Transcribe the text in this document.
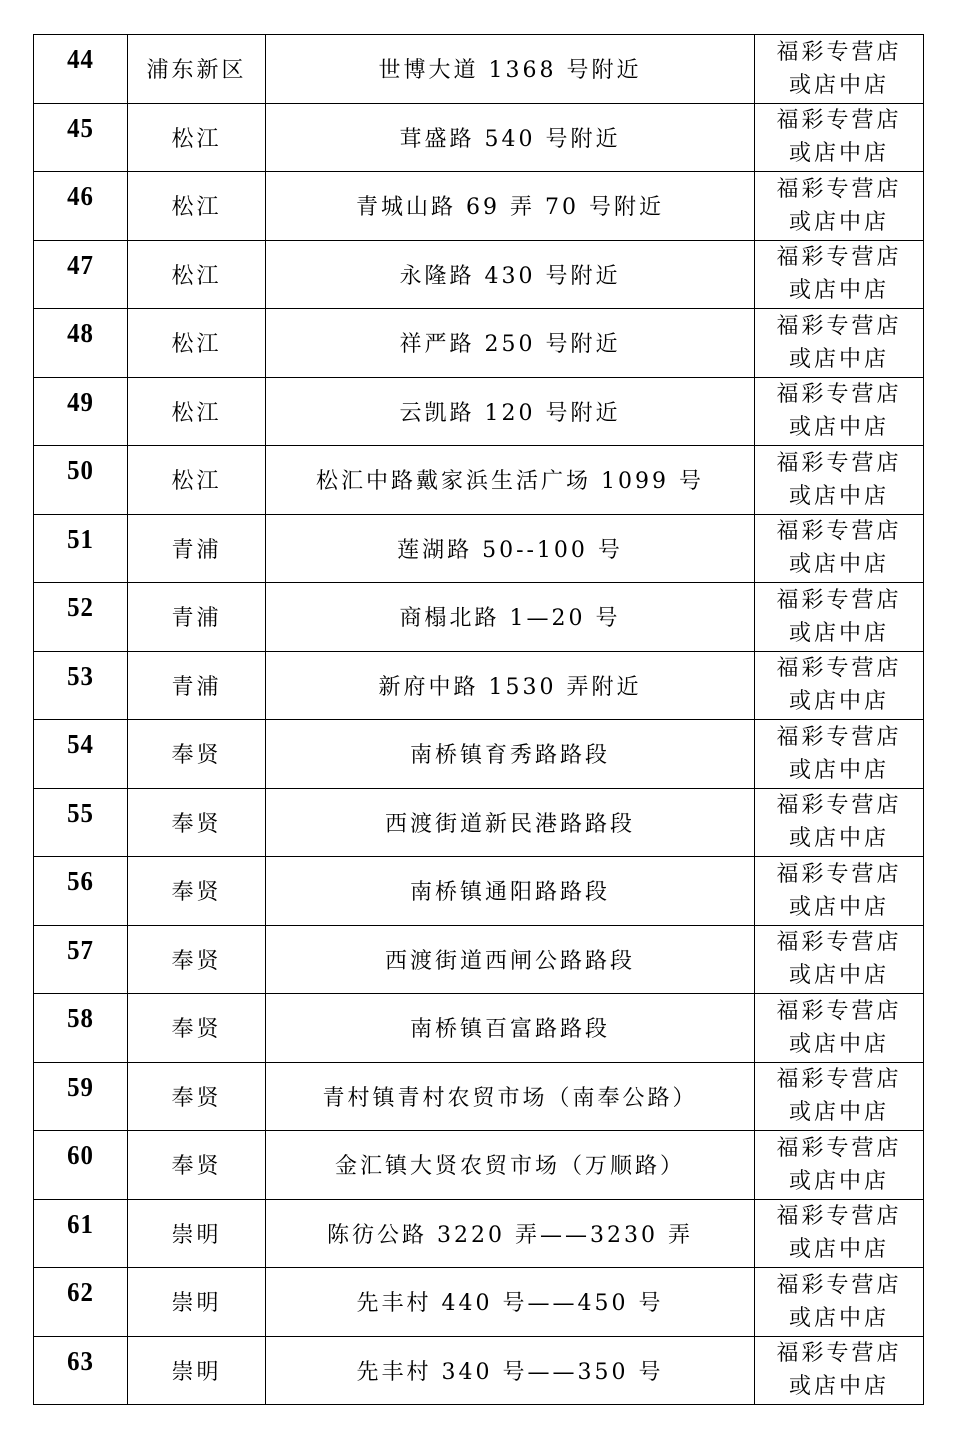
44	浦东新区	世博大道 1368 号附近	福彩专营店
或店中店

45	松江	茸盛路 540 号附近	福彩专营店
或店中店

46	松江	青城山路 69 弄 70 号附近	福彩专营店
或店中店

47	松江	永隆路 430 号附近	福彩专营店
或店中店

48	松江	祥严路 250 号附近	福彩专营店
或店中店

49	松江	云凯路 120 号附近	福彩专营店
或店中店

50	松江	松汇中路戴家浜生活广场 1099 号	福彩专营店
或店中店

51	青浦	莲湖路 50--100 号	福彩专营店
或店中店

52	青浦	商榻北路 1—20 号	福彩专营店
或店中店

53	青浦	新府中路 1530 弄附近	福彩专营店
或店中店

54	奉贤	南桥镇育秀路路段	福彩专营店
或店中店

55	奉贤	西渡街道新民港路路段	福彩专营店
或店中店

56	奉贤	南桥镇通阳路路段	福彩专营店
或店中店

57	奉贤	西渡街道西闸公路路段	福彩专营店
或店中店

58	奉贤	南桥镇百富路路段	福彩专营店
或店中店

59	奉贤	青村镇青村农贸市场（南奉公路）	福彩专营店
或店中店

60	奉贤	金汇镇大贤农贸市场（万顺路）	福彩专营店
或店中店

61	崇明	陈彷公路 3220 弄——3230 弄	福彩专营店
或店中店

62	崇明	先丰村 440 号——450 号	福彩专营店
或店中店

63	崇明	先丰村 340 号——350 号	福彩专营店
或店中店
